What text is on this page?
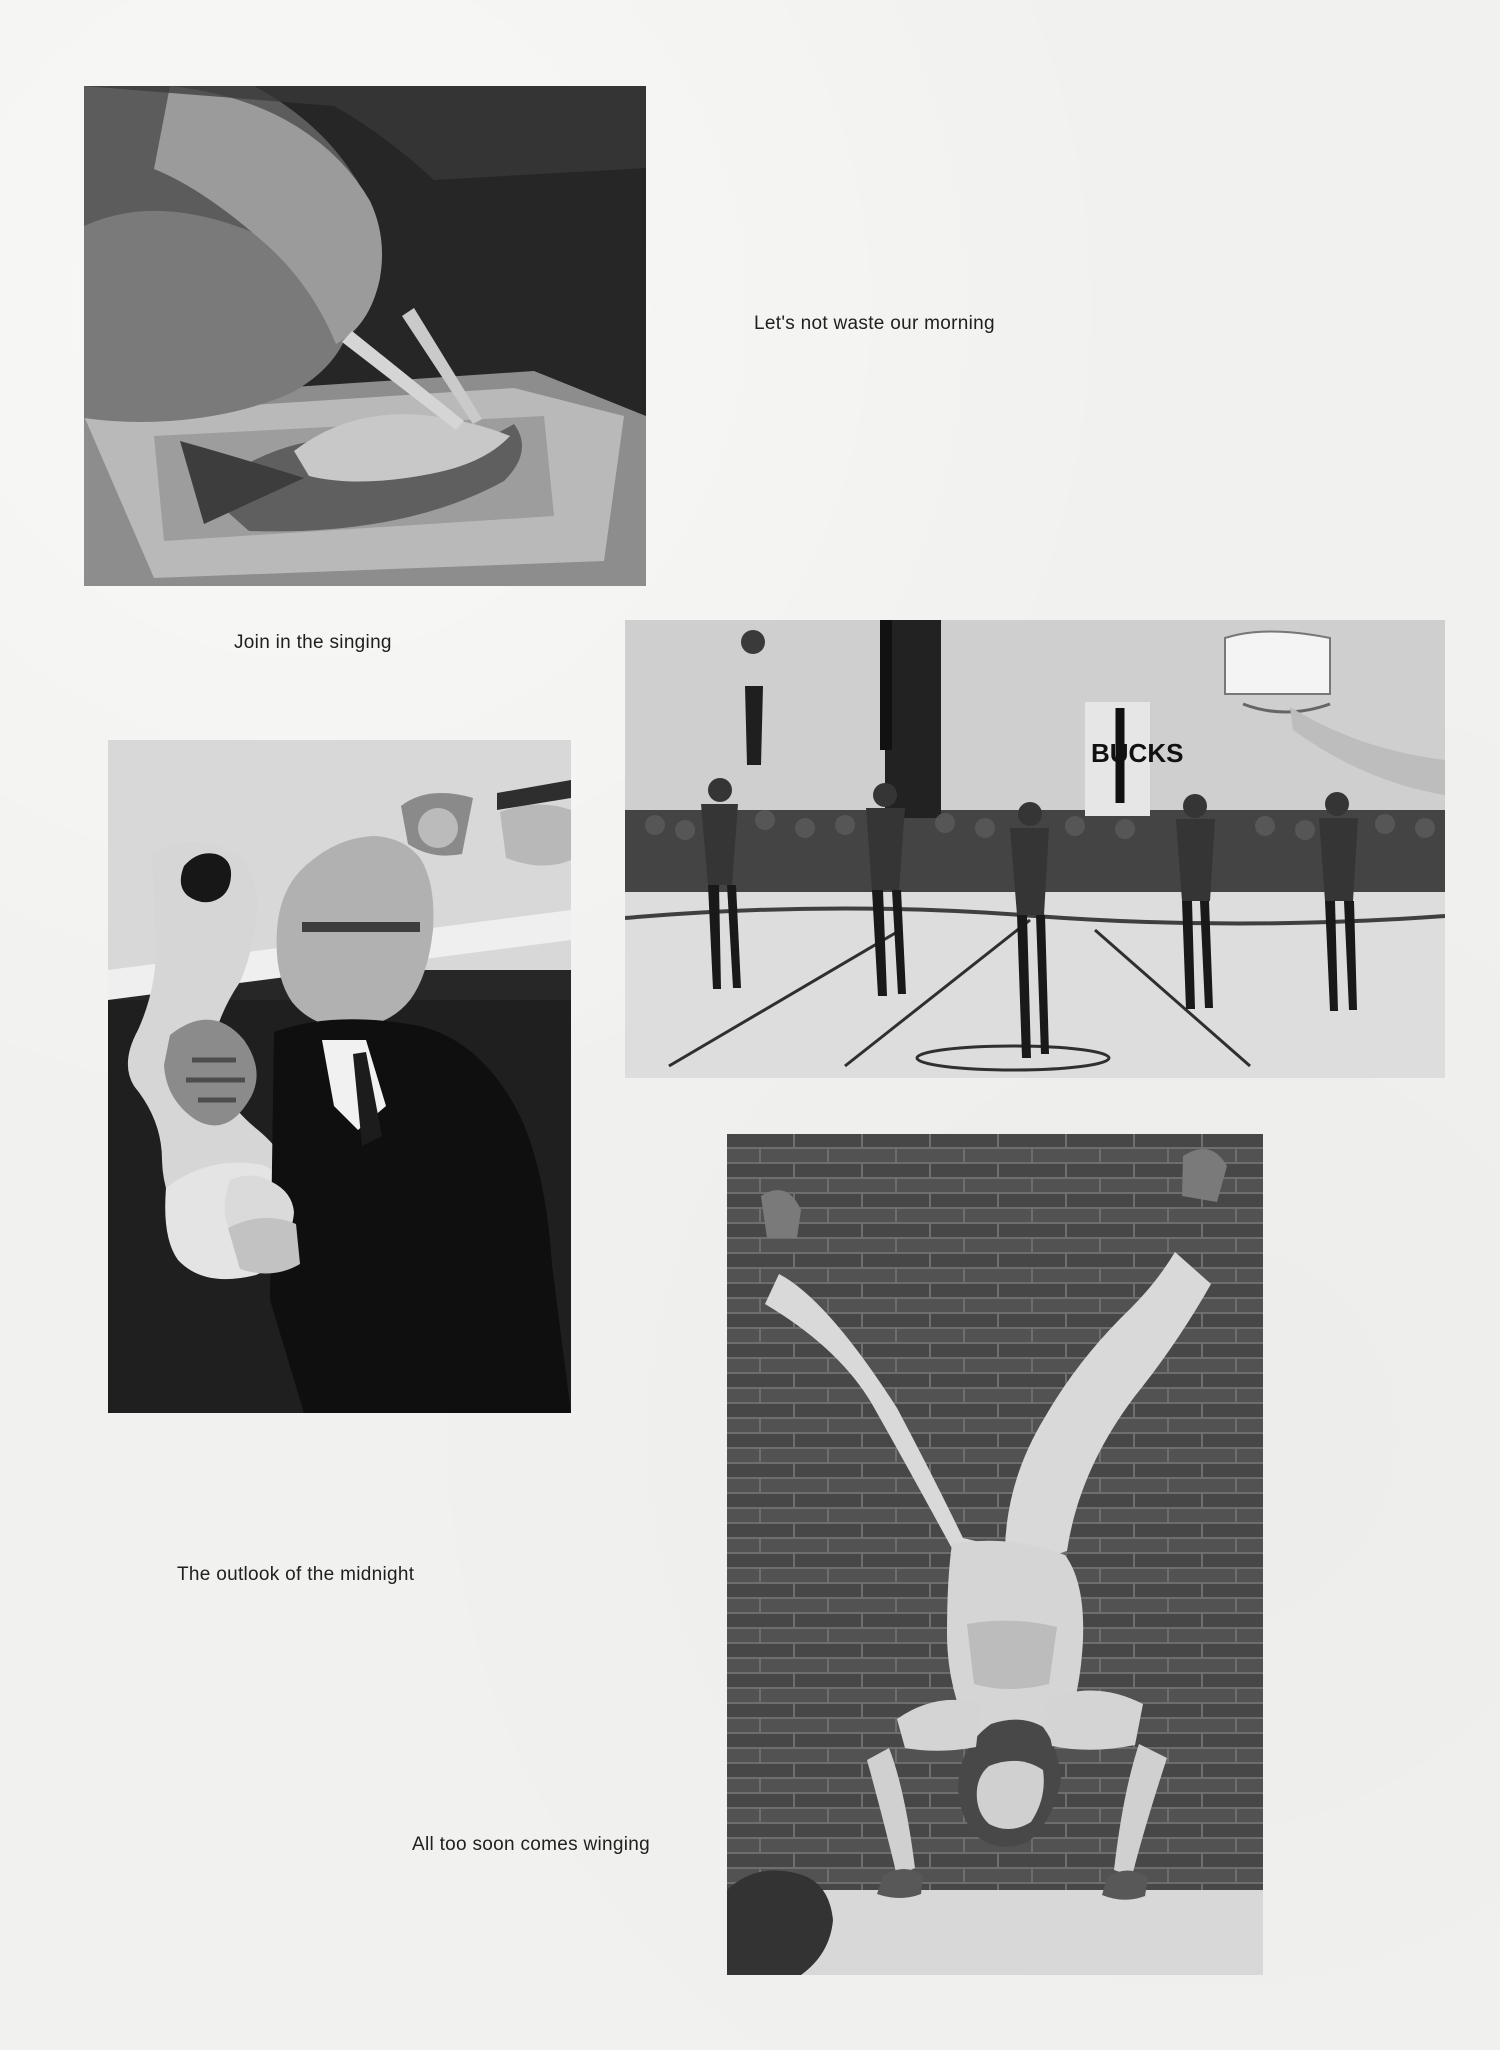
Let's not waste our morning
Join in the singing
BUCKS
The outlook of the midnight
All too soon comes winging
